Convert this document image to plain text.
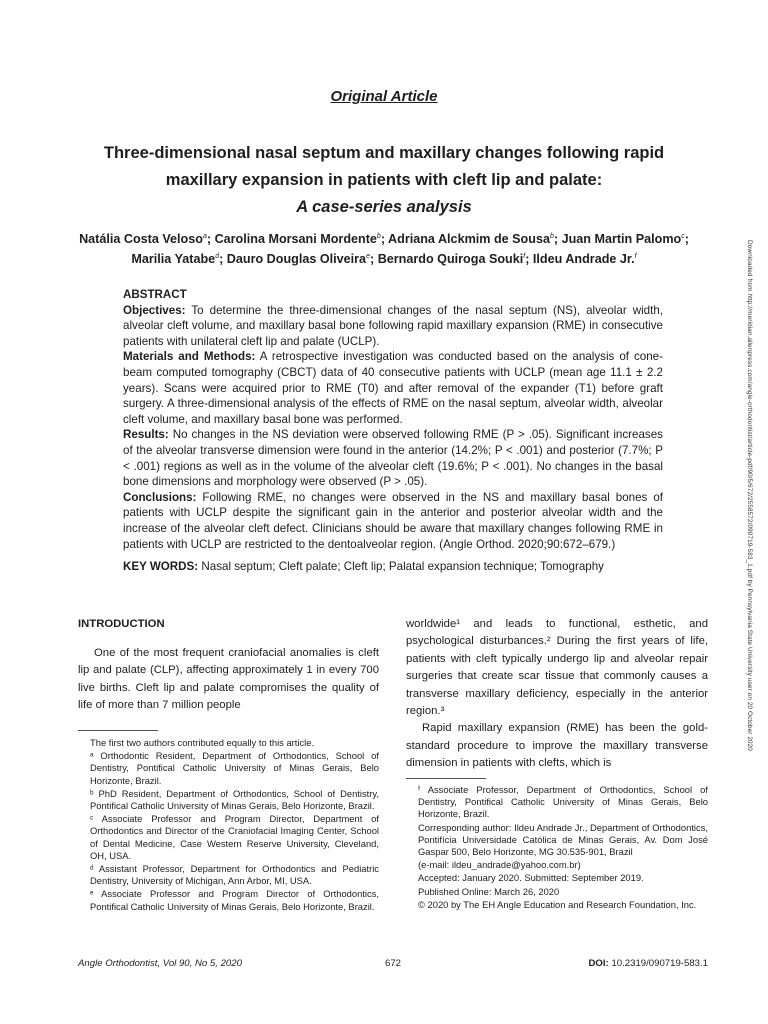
Original Article
Three-dimensional nasal septum and maxillary changes following rapid
maxillary expansion in patients with cleft lip and palate:
A case-series analysis
Natália Costa Veloso$^a$; Carolina Morsani Mordente$^b$; Adriana Alckmim de Sousa$^b$; Juan Martin Palomo$^c$; Marilia Yatabe$^d$; Dauro Douglas Oliveira$^e$; Bernardo Quiroga Souki$^f$; Ildeu Andrade Jr.$^f$
ABSTRACT
Objectives: To determine the three-dimensional changes of the nasal septum (NS), alveolar width, alveolar cleft volume, and maxillary basal bone following rapid maxillary expansion (RME) in consecutive patients with unilateral cleft lip and palate (UCLP).
Materials and Methods: A retrospective investigation was conducted based on the analysis of cone-beam computed tomography (CBCT) data of 40 consecutive patients with UCLP (mean age 11.1 ± 2.2 years). Scans were acquired prior to RME (T0) and after removal of the expander (T1) before graft surgery. A three-dimensional analysis of the effects of RME on the nasal septum, alveolar width, alveolar cleft volume, and maxillary basal bone was performed.
Results: No changes in the NS deviation were observed following RME (P > .05). Significant increases of the alveolar transverse dimension were found in the anterior (14.2%; P < .001) and posterior (7.7%; P < .001) regions as well as in the volume of the alveolar cleft (19.6%; P < .001). No changes in the basal bone dimensions and morphology were observed (P > .05).
Conclusions: Following RME, no changes were observed in the NS and maxillary basal bones of patients with UCLP despite the significant gain in the anterior and posterior alveolar width and the increase of the alveolar cleft defect. Clinicians should be aware that maxillary changes following RME in patients with UCLP are restricted to the dentoalveolar region. (Angle Orthod. 2020;90:672–679.)
KEY WORDS: Nasal septum; Cleft palate; Cleft lip; Palatal expansion technique; Tomography
INTRODUCTION

One of the most frequent craniofacial anomalies is cleft lip and palate (CLP), affecting approximately 1 in every 700 live births. Cleft lip and palate compromises the quality of life of more than 7 million people

worldwide¹ and leads to functional, esthetic, and psychological disturbances.² During the first years of life, patients with cleft typically undergo lip and alveolar repair surgeries that create scar tissue that commonly causes a transverse maxillary deficiency, especially in the anterior region.³

Rapid maxillary expansion (RME) has been the gold-standard procedure to improve the maxillary transverse dimension in patients with clefts, which is

The first two authors contributed equally to this article.

ᵃ Orthodontic Resident, Department of Orthodontics, School of Dentistry, Pontifical Catholic University of Minas Gerais, Belo Horizonte, Brazil.

ᵇ PhD Resident, Department of Orthodontics, School of Dentistry, Pontifical Catholic University of Minas Gerais, Belo Horizonte, Brazil.

ᶜ Associate Professor and Program Director, Department of Orthodontics and Director of the Craniofacial Imaging Center, School of Dental Medicine, Case Western Reserve University, Cleveland, OH, USA.

ᵈ Assistant Professor, Department for Orthodontics and Pediatric Dentistry, University of Michigan, Ann Arbor, MI, USA.

ᵉ Associate Professor and Program Director of Orthodontics, Pontifical Catholic University of Minas Gerais, Belo Horizonte, Brazil.

ᶠ Associate Professor, Department of Orthodontics, School of Dentistry, Pontifical Catholic University of Minas Gerais, Belo Horizonte, Brazil.

Corresponding author: Ildeu Andrade Jr., Department of Orthodontics, Pontifícia Universidade Católica de Minas Gerais, Av. Dom José Gaspar 500, Belo Horizonte, MG 30.535-901, Brazil

(e-mail: ildeu_andrade@yahoo.com.br)

Accepted: January 2020. Submitted: September 2019.

Published Online: March 26, 2020

© 2020 by The EH Angle Education and Research Foundation, Inc.

Angle Orthodontist, Vol 90, No 5, 2020	672	DOI: 10.2319/090719-583.1
Downloaded from http://meridian.allenpress.com/angle-orthodontist/article-pdf/90/5/672/2558572/090719-583_1.pdf by Pennsylvania State University user on 20 October 2020
